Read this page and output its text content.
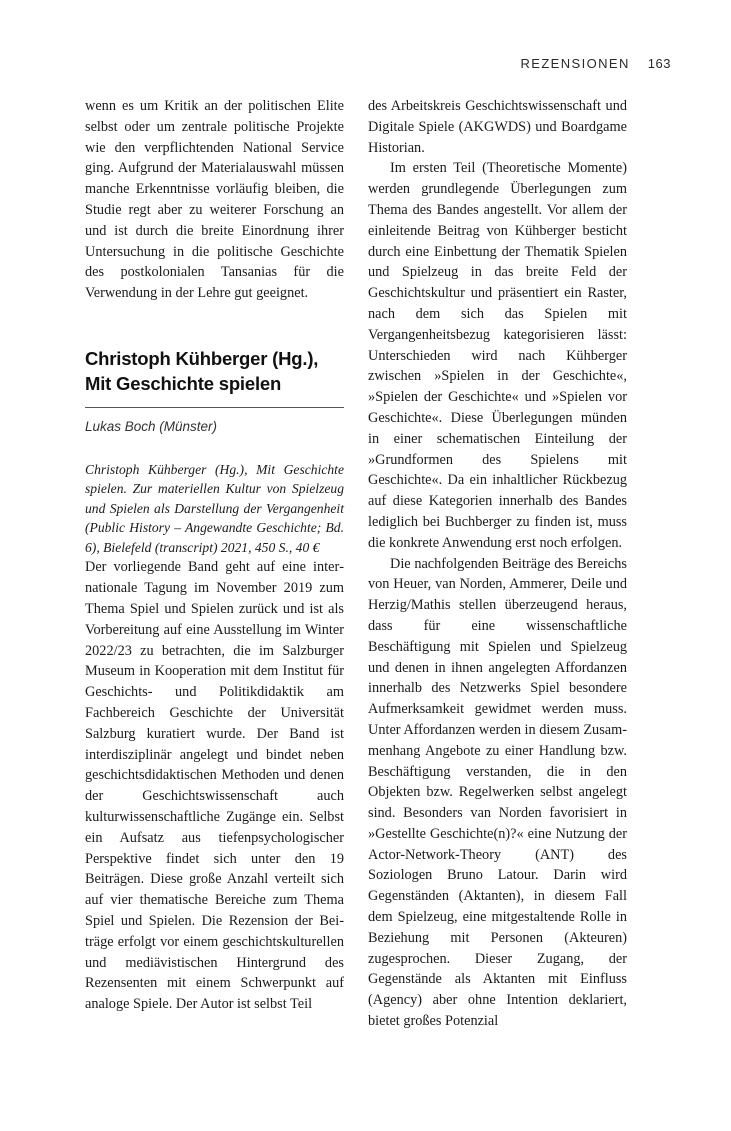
REZENSIONEN 163

wenn es um Kritik an der politischen Elite selbst oder um zentrale politische Projekte wie den verpflichtenden National Service ging. Aufgrund der Materialauswahl müssen manche Erkenntnisse vorläufig bleiben, die Studie regt aber zu weiterer Forschung an und ist durch die breite Einordnung ihrer Untersuchung in die politische Geschichte des postkolonialen Tansanias für die Verwendung in der Lehre gut geeignet.

Christoph Kühberger (Hg.),
Mit Geschichte spielen
Lukas Boch (Münster)

Christoph Kühberger (Hg.), Mit Geschichte spielen. Zur materiellen Kultur von Spielzeug und Spielen als Darstellung der Vergangenheit (Public History – Angewandte Geschichte; Bd. 6), Bielefeld (transcript) 2021, 450 S., 40 €

Der vorliegende Band geht auf eine internationale Tagung im November 2019 zum Thema Spiel und Spielen zurück und ist als Vorbereitung auf eine Ausstellung im Winter 2022/23 zu betrachten, die im Salzburger Museum in Kooperation mit dem Institut für Geschichts- und Politikdidaktik am Fachbereich Geschichte der Universität Salzburg kuratiert wurde. Der Band ist interdisziplinär angelegt und bindet neben geschichtsdidaktischen Methoden und denen der Geschichtswissenschaft auch kulturwissenschaftliche Zugänge ein. Selbst ein Aufsatz aus tiefenpsychologischer Perspektive findet sich unter den 19 Beiträgen. Diese große Anzahl verteilt sich auf vier thematische Bereiche zum Thema Spiel und Spielen. Die Rezension der Beiträge erfolgt vor einem geschichtskulturellen und mediävistischen Hintergrund des Rezensenten mit einem Schwerpunkt auf analoge Spiele. Der Autor ist selbst Teil

des Arbeitskreis Geschichtswissenschaft und Digitale Spiele (AKGWDS) und Boardgame Historian.

Im ersten Teil (Theoretische Momente) werden grundlegende Überlegungen zum Thema des Bandes angestellt. Vor allem der einleitende Beitrag von Kühberger besticht durch eine Einbettung der Thematik Spielen und Spielzeug in das breite Feld der Geschichtskultur und präsentiert ein Raster, nach dem sich das Spielen mit Vergangenheitsbezug kategorisieren lässt: Unterschieden wird nach Kühberger zwischen »Spielen in der Geschichte«, »Spielen der Geschichte« und »Spielen vor Geschichte«. Diese Überlegungen münden in einer schematischen Einteilung der »Grundformen des Spielens mit Geschichte«. Da ein inhaltlicher Rückbezug auf diese Kategorien innerhalb des Bandes lediglich bei Buchberger zu finden ist, muss die konkrete Anwendung erst noch erfolgen.

Die nachfolgenden Beiträge des Bereichs von Heuer, van Norden, Ammerer, Deile und Herzig/Mathis stellen überzeugend heraus, dass für eine wissenschaftliche Beschäftigung mit Spielen und Spielzeug und denen in ihnen angelegten Affordanzen innerhalb des Netzwerks Spiel besondere Aufmerksamkeit gewidmet werden muss. Unter Affordanzen werden in diesem Zusammenhang Angebote zu einer Handlung bzw. Beschäftigung verstanden, die in den Objekten bzw. Regelwerken selbst angelegt sind. Besonders van Norden favorisiert in »Gestellte Geschichte(n)?« eine Nutzung der Actor-Network-Theory (ANT) des Soziologen Bruno Latour. Darin wird Gegenständen (Aktanten), in diesem Fall dem Spielzeug, eine mitgestaltende Rolle in Beziehung mit Personen (Akteuren) zugesprochen. Dieser Zugang, der Gegenstände als Aktanten mit Einfluss (Agency) aber ohne Intention deklariert, bietet großes Potenzial
